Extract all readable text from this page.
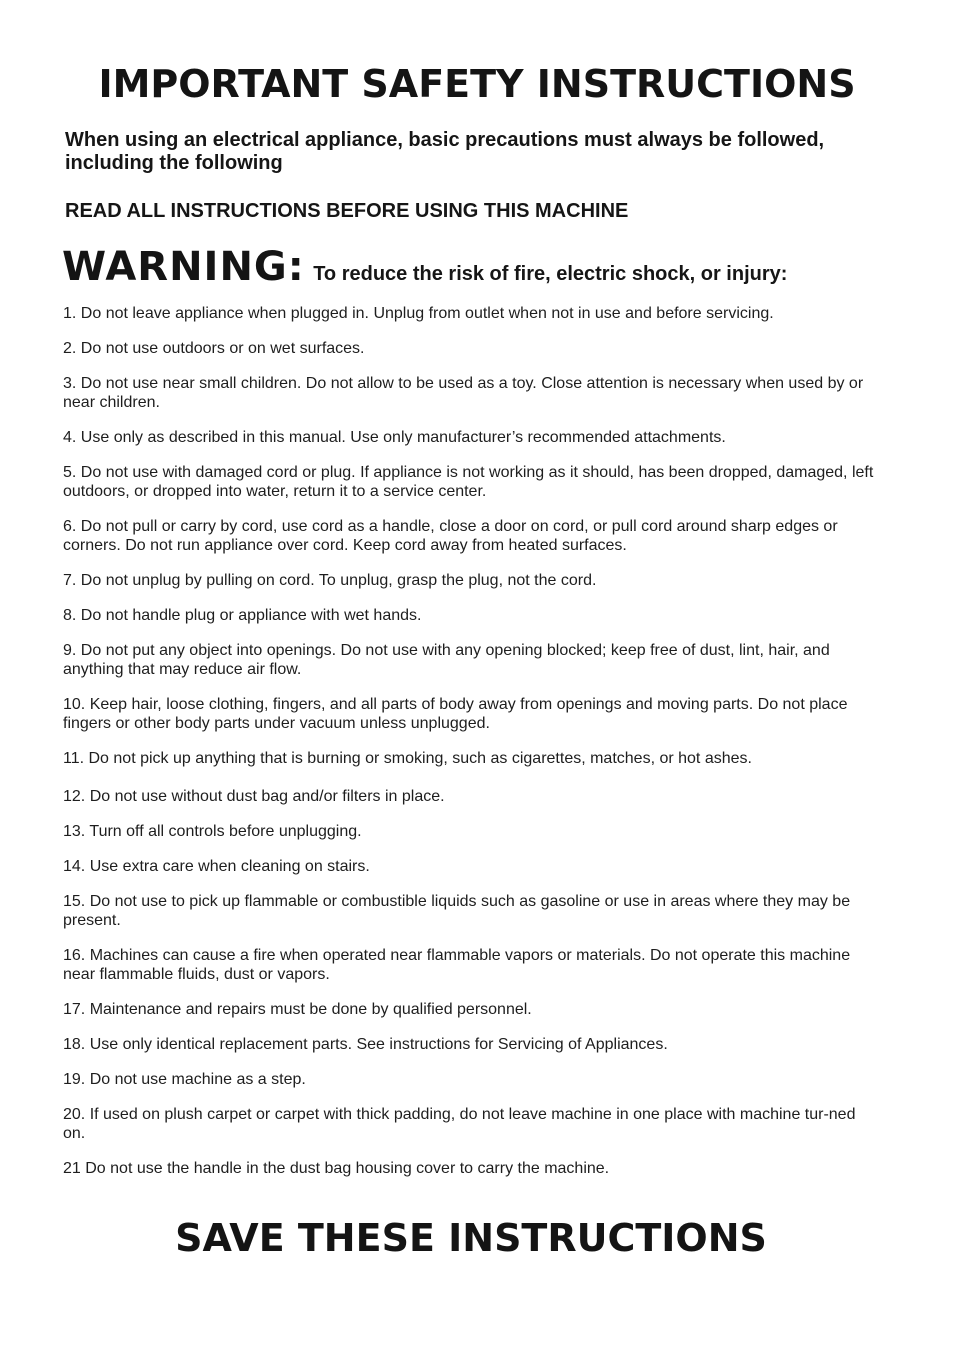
IMPORTANT SAFETY INSTRUCTIONS

When using an electrical appliance, basic precautions must always be followed, including the following

READ ALL INSTRUCTIONS BEFORE USING THIS MACHINE

WARNING: To reduce the risk of fire, electric shock, or injury:

1. Do not leave appliance when plugged in. Unplug from outlet when not in use and before servicing.
2. Do not use outdoors or on wet surfaces.
3. Do not use near small children. Do not allow to be used as a toy. Close attention is necessary when used by or near children.
4. Use only as described in this manual. Use only manufacturer’s recommended attachments.
5. Do not use with damaged cord or plug. If appliance is not working as it should, has been dropped, damaged, left outdoors, or dropped into water, return it to a service center.
6. Do not pull or carry by cord, use cord as a handle, close a door on cord, or pull cord around sharp edges or corners. Do not run appliance over cord. Keep cord away from heated surfaces.
7. Do not unplug by pulling on cord. To unplug, grasp the plug, not the cord.
8. Do not handle plug or appliance with wet hands.
9. Do not put any object into openings. Do not use with any opening blocked; keep free of dust, lint, hair, and anything that may reduce air flow.
10. Keep hair, loose clothing, fingers, and all parts of body away from openings and moving parts. Do not place fingers or other body parts under vacuum unless unplugged.
11. Do not pick up anything that is burning or smoking, such as cigarettes, matches, or hot ashes.
12. Do not use without dust bag and/or filters in place.
13. Turn off all controls before unplugging.
14. Use extra care when cleaning on stairs.
15. Do not use to pick up flammable or combustible liquids such as gasoline or use in areas where they may be present.
16. Machines can cause a fire when operated near flammable vapors or materials. Do not operate this machine near flammable fluids, dust or vapors.
17. Maintenance and repairs must be done by qualified personnel.
18. Use only identical replacement parts. See instructions for Servicing of Appliances.
19. Do not use machine as a step.
20. If used on plush carpet or carpet with thick padding, do not leave machine in one place with machine tur-ned on.
21 Do not use the handle in the dust bag housing cover to carry the machine.
SAVE THESE INSTRUCTIONS
